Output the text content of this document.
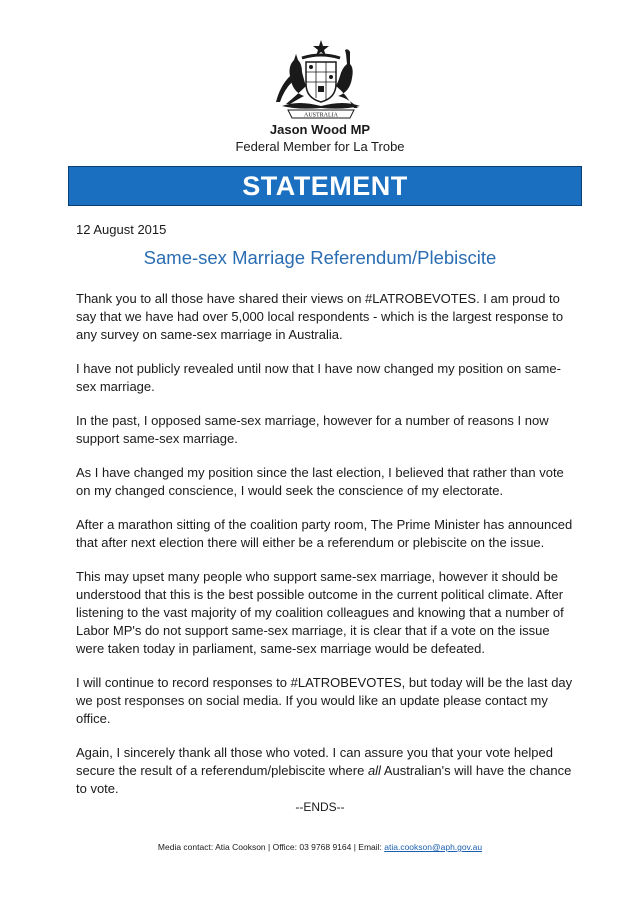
AUSTRALIA
Jason Wood MP
Federal Member for La Trobe
STATEMENT
12 August 2015
Same-sex Marriage Referendum/Plebiscite

Thank you to all those have shared their views on #LATROBEVOTES. I am proud to say that we have had over 5,000 local respondents - which is the largest response to any survey on same-sex marriage in Australia.

I have not publicly revealed until now that I have now changed my position on same-sex marriage.

In the past, I opposed same-sex marriage, however for a number of reasons I now support same-sex marriage.

As I have changed my position since the last election, I believed that rather than vote on my changed conscience, I would seek the conscience of my electorate.

After a marathon sitting of the coalition party room, The Prime Minister has announced that after next election there will either be a referendum or plebiscite on the issue.

This may upset many people who support same-sex marriage, however it should be understood that this is the best possible outcome in the current political climate. After listening to the vast majority of my coalition colleagues and knowing that a number of Labor MP's do not support same-sex marriage, it is clear that if a vote on the issue were taken today in parliament, same-sex marriage would be defeated.

I will continue to record responses to #LATROBEVOTES, but today will be the last day we post responses on social media. If you would like an update please contact my office.

Again, I sincerely thank all those who voted. I can assure you that your vote helped secure the result of a referendum/plebiscite where all Australian's will have the chance to vote.

--ENDS--
Media contact: Atia Cookson | Office: 03 9768 9164 | Email: atia.cookson@aph.gov.au
